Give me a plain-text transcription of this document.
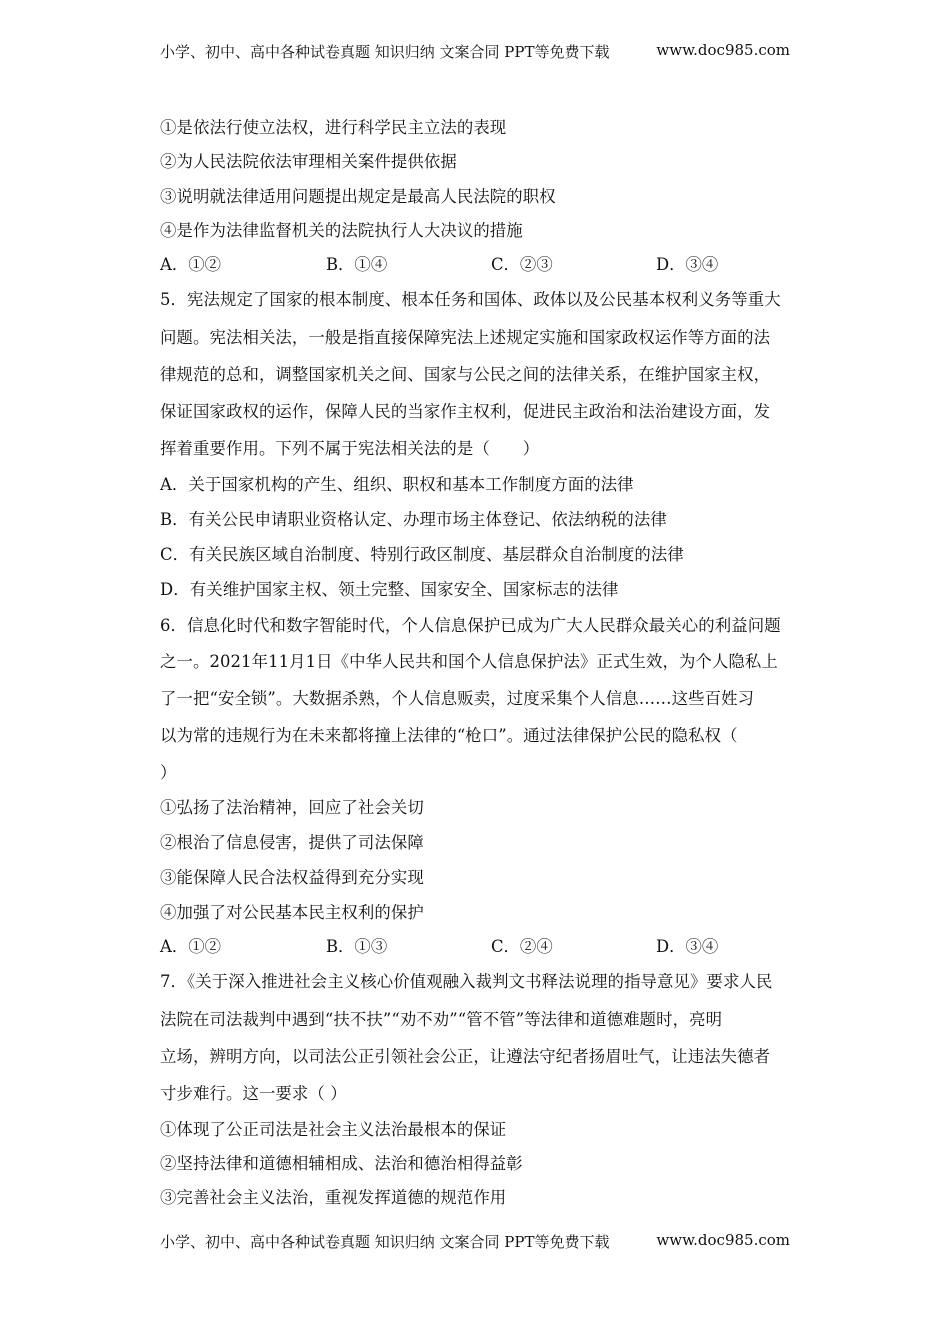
小学、初中、高中各种试卷真题 知识归纳 文案合同 PPT等免费下载	www.doc985.com
①是依法行使立法权，进行科学民主立法的表现
②为人民法院依法审理相关案件提供依据
③说明就法律适用问题提出规定是最高人民法院的职权
④是作为法律监督机关的法院执行人大决议的措施
A．①②	B．①④	C．②③	D．③④
5．宪法规定了国家的根本制度、根本任务和国体、政体以及公民基本权利义务等重大
问题。宪法相关法，一般是指直接保障宪法上述规定实施和国家政权运作等方面的法
律规范的总和，调整国家机关之间、国家与公民之间的法律关系，在维护国家主权，
保证国家政权的运作，保障人民的当家作主权利，促进民主政治和法治建设方面，发
挥着重要作用。下列不属于宪法相关法的是（　　）
A．关于国家机构的产生、组织、职权和基本工作制度方面的法律
B．有关公民申请职业资格认定、办理市场主体登记、依法纳税的法律
C．有关民族区域自治制度、特别行政区制度、基层群众自治制度的法律
D．有关维护国家主权、领土完整、国家安全、国家标志的法律
6．信息化时代和数字智能时代，个人信息保护已成为广大人民群众最关心的利益问题
之一。2021年11月1日《中华人民共和国个人信息保护法》正式生效，为个人隐私上
了一把“安全锁”。大数据杀熟，个人信息贩卖，过度采集个人信息……这些百姓习
以为常的违规行为在未来都将撞上法律的“枪口”。通过法律保护公民的隐私权（
）
①弘扬了法治精神，回应了社会关切
②根治了信息侵害，提供了司法保障
③能保障人民合法权益得到充分实现
④加强了对公民基本民主权利的保护
A．①②	B．①③	C．②④	D．③④
7．《关于深入推进社会主义核心价值观融入裁判文书释法说理的指导意见》要求人民
法院在司法裁判中遇到“扶不扶”“劝不劝”“管不管”等法律和道德难题时，亮明
立场，辨明方向，以司法公正引领社会公正，让遵法守纪者扬眉吐气，让违法失德者
寸步难行。这一要求（ ）
①体现了公正司法是社会主义法治最根本的保证
②坚持法律和道德相辅相成、法治和德治相得益彰
③完善社会主义法治，重视发挥道德的规范作用
小学、初中、高中各种试卷真题 知识归纳 文案合同 PPT等免费下载	www.doc985.com
